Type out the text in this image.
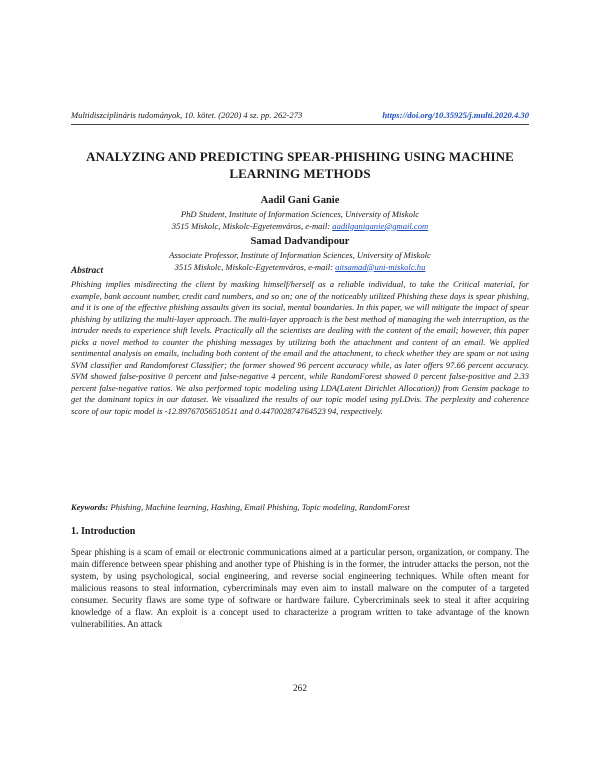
Multidiszciplináris tudományok, 10. kötet. (2020) 4 sz. pp. 262-273	https://doi.org/10.35925/j.multi.2020.4.30
ANALYZING AND PREDICTING SPEAR-PHISHING USING MACHINE LEARNING METHODS
Aadil Gani Ganie
PhD Student, Institute of Information Sciences, University of Miskolc
3515 Miskolc, Miskolc-Egyetemváros, e-mail: aadilganiganie@gmail.com
Samad Dadvandipour
Associate Professor, Institute of Information Sciences, University of Miskolc
3515 Miskolc, Miskolc-Egyetemváros, e-mail: aitsamad@uni-miskolc.hu
Abstract
Phishing implies misdirecting the client by masking himself/herself as a reliable individual, to take the Critical material, for example, bank account number, credit card numbers, and so on; one of the noticeably utilized Phishing these days is spear phishing, and it is one of the effective phishing assaults given its social, mental boundaries. In this paper, we will mitigate the impact of spear phishing by utilizing the multi-layer approach. The multi-layer approach is the best method of managing the web interruption, as the intruder needs to experience shift levels. Practically all the scientists are dealing with the content of the email; however, this paper picks a novel method to counter the phishing messages by utilizing both the attachment and content of an email. We applied sentimental analysis on emails, including both content of the email and the attachment, to check whether they are spam or not using SVM classifier and Randomforest Classifier; the former showed 96 percent accuracy while, as later offers 97.66 percent accuracy. SVM showed false-positive 0 percent and false-negative 4 percent, while RandomForest showed 0 percent false-positive and 2.33 percent false-negative ratios. We also performed topic modeling using LDA(Latent Dirichlet Allocation)) from Gensim package to get the dominant topics in our dataset. We visualized the results of our topic model using pyLDvis. The perplexity and coherence score of our topic model is -12.89767056510511 and 0.447002874764523 94, respectively.
Keywords: Phishing, Machine learning, Hashing, Email Phishing, Topic modeling, RandomForest
1. Introduction
Spear phishing is a scam of email or electronic communications aimed at a particular person, organization, or company. The main difference between spear phishing and another type of Phishing is in the former, the intruder attacks the person, not the system, by using psychological, social engineering, and reverse social engineering techniques. While often meant for malicious reasons to steal information, cybercriminals may even aim to install malware on the computer of a targeted consumer. Security flaws are some type of software or hardware failure. Cybercriminals seek to steal it after acquiring knowledge of a flaw. An exploit is a concept used to characterize a program written to take advantage of the known vulnerabilities. An attack
262
